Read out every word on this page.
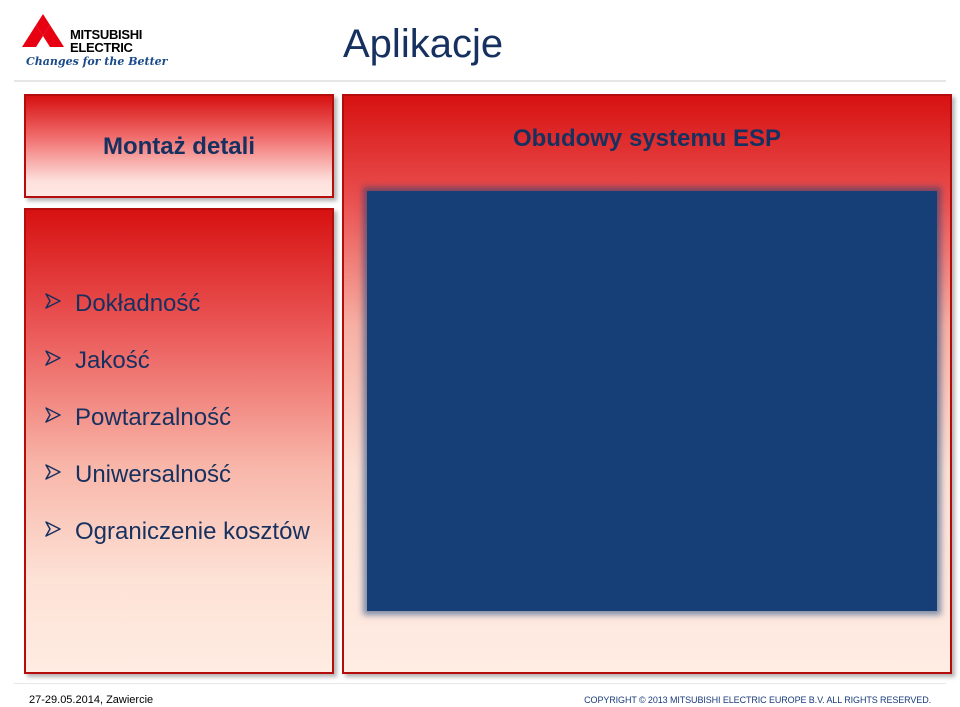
MITSUBISHI
ELECTRIC
Changes for the Better	Aplikacje
Montaż detali
Dokładność
Jakość
Powtarzalność
Uniwersalność
Ograniczenie kosztów
Obudowy systemu ESP
27-29.05.2014, Zawiercie	COPYRIGHT © 2013 MITSUBISHI ELECTRIC EUROPE B.V. ALL RIGHTS RESERVED.
